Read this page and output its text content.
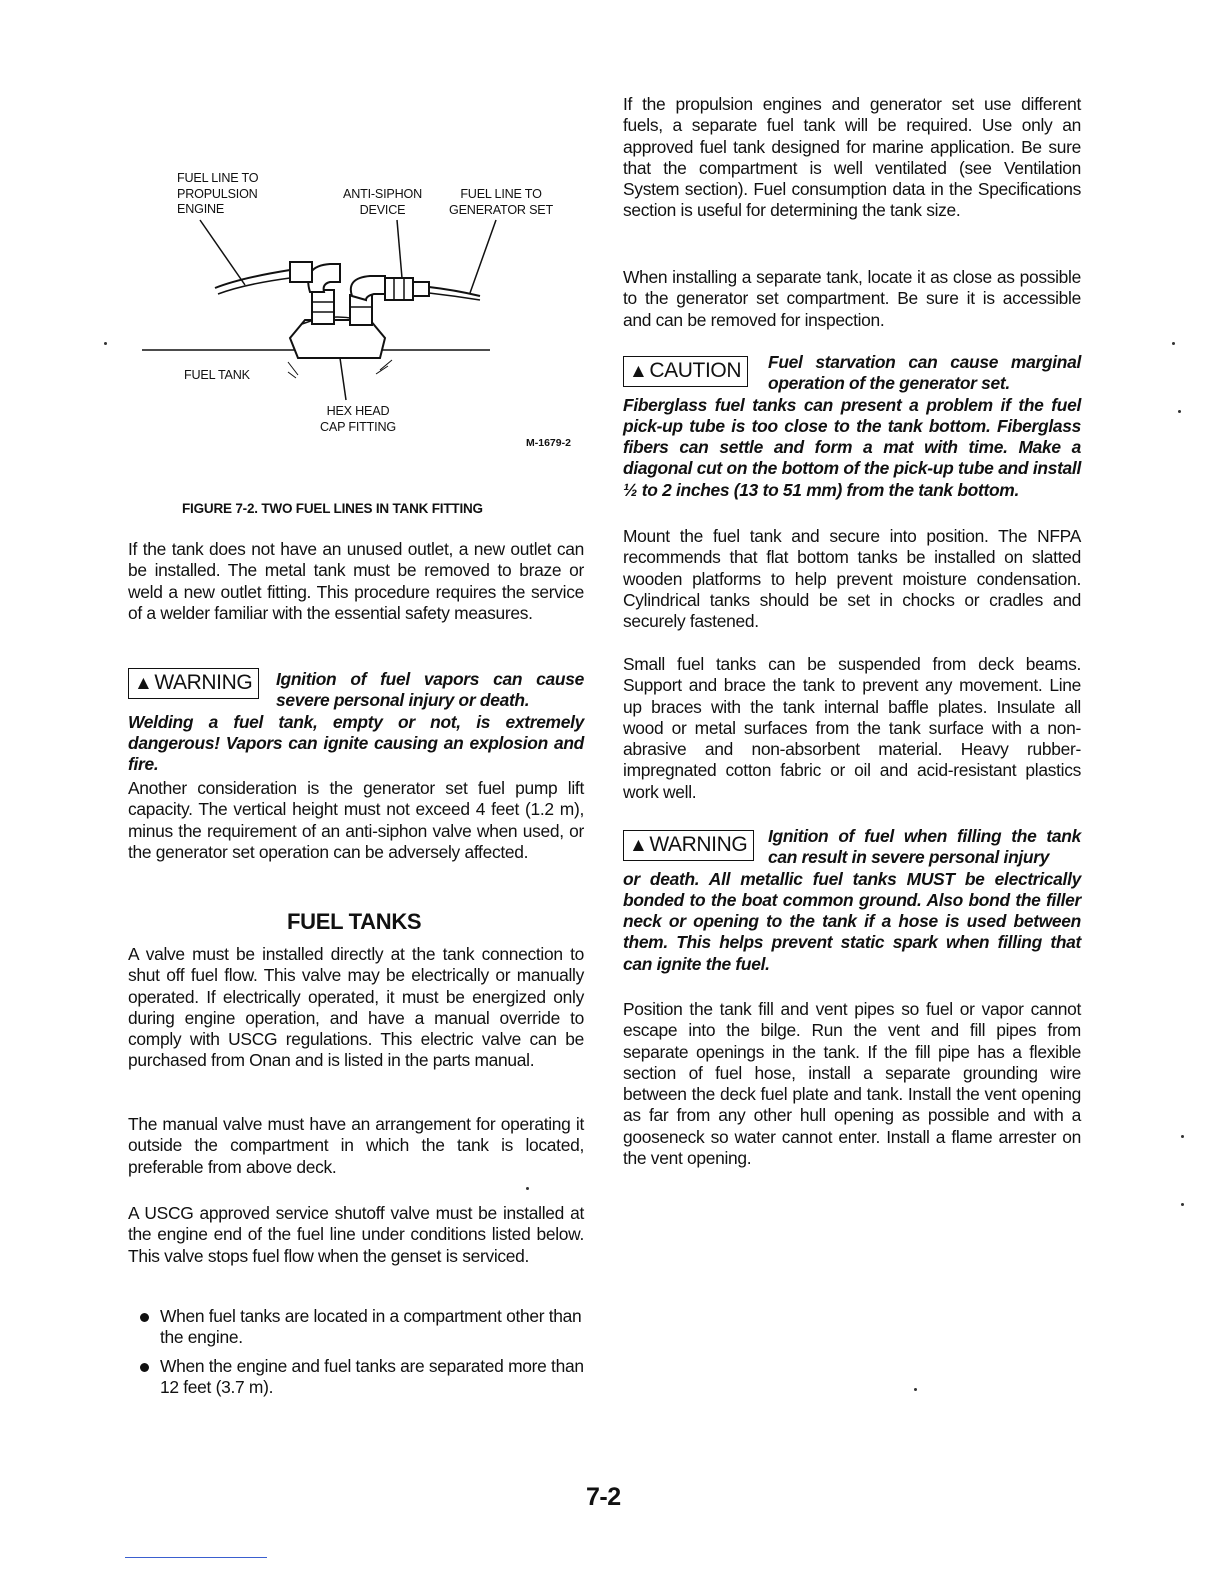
FUEL LINE TO
PROPULSION
ENGINE
ANTI-SIPHON
DEVICE
FUEL LINE TO
GENERATOR SET
FUEL TANK
HEX HEAD
CAP FITTING
M-1679-2
FIGURE 7-2. TWO FUEL LINES IN TANK FITTING

If the tank does not have an unused outlet, a new outlet can be installed. The metal tank must be removed to braze or weld a new outlet fitting. This procedure requires the service of a welder familiar with the essential safety measures.

▲WARNING	Ignition of fuel vapors can cause severe personal injury or death.
Welding a fuel tank, empty or not, is extremely dangerous! Vapors can ignite causing an explosion and fire.

Another consideration is the generator set fuel pump lift capacity. The vertical height must not exceed 4 feet (1.2 m), minus the requirement of an anti-siphon valve when used, or the generator set operation can be adversely affected.

A valve must be installed directly at the tank connection to shut off fuel flow. This valve may be electrically or manually operated. If electrically operated, it must be energized only during engine operation, and have a manual override to comply with USCG regulations. This electric valve can be purchased from Onan and is listed in the parts manual.

The manual valve must have an arrangement for operating it outside the compartment in which the tank is located, preferable from above deck.

A USCG approved service shutoff valve must be installed at the engine end of the fuel line under conditions listed below. This valve stops fuel flow when the genset is serviced.

FUEL TANKS
When fuel tanks are located in a compartment other than the engine.
When the engine and fuel tanks are separated more than 12 feet (3.7 m).

If the propulsion engines and generator set use different fuels, a separate fuel tank will be required. Use only an approved fuel tank designed for marine application. Be sure that the compartment is well ventilated (see Ventilation System section). Fuel consumption data in the Specifications section is useful for determining the tank size.

When installing a separate tank, locate it as close as possible to the generator set compartment. Be sure it is accessible and can be removed for inspection.

▲CAUTION	Fuel starvation can cause marginal operation of the generator set.
Fiberglass fuel tanks can present a problem if the fuel pick-up tube is too close to the tank bottom. Fiberglass fibers can settle and form a mat with time. Make a diagonal cut on the bottom of the pick-up tube and install ½ to 2 inches (13 to 51 mm) from the tank bottom.

Mount the fuel tank and secure into position. The NFPA recommends that flat bottom tanks be installed on slatted wooden platforms to help prevent moisture condensation. Cylindrical tanks should be set in chocks or cradles and securely fastened.

Small fuel tanks can be suspended from deck beams. Support and brace the tank to prevent any movement. Line up braces with the tank internal baffle plates. Insulate all wood or metal surfaces from the tank surface with a non-abrasive and non-absorbent material. Heavy rubber-impregnated cotton fabric or oil and acid-resistant plastics work well.

▲WARNING	Ignition of fuel when filling the tank can result in severe personal injury
or death. All metallic fuel tanks MUST be electrically bonded to the boat common ground. Also bond the filler neck or opening to the tank if a hose is used between them. This helps prevent static spark when filling that can ignite the fuel.

Position the tank fill and vent pipes so fuel or vapor cannot escape into the bilge. Run the vent and fill pipes from separate openings in the tank. If the fill pipe has a flexible section of fuel hose, install a separate grounding wire between the deck fuel plate and tank. Install the vent opening as far from any other hull opening as possible and with a gooseneck so water cannot enter. Install a flame arrester on the vent opening.

7-2
